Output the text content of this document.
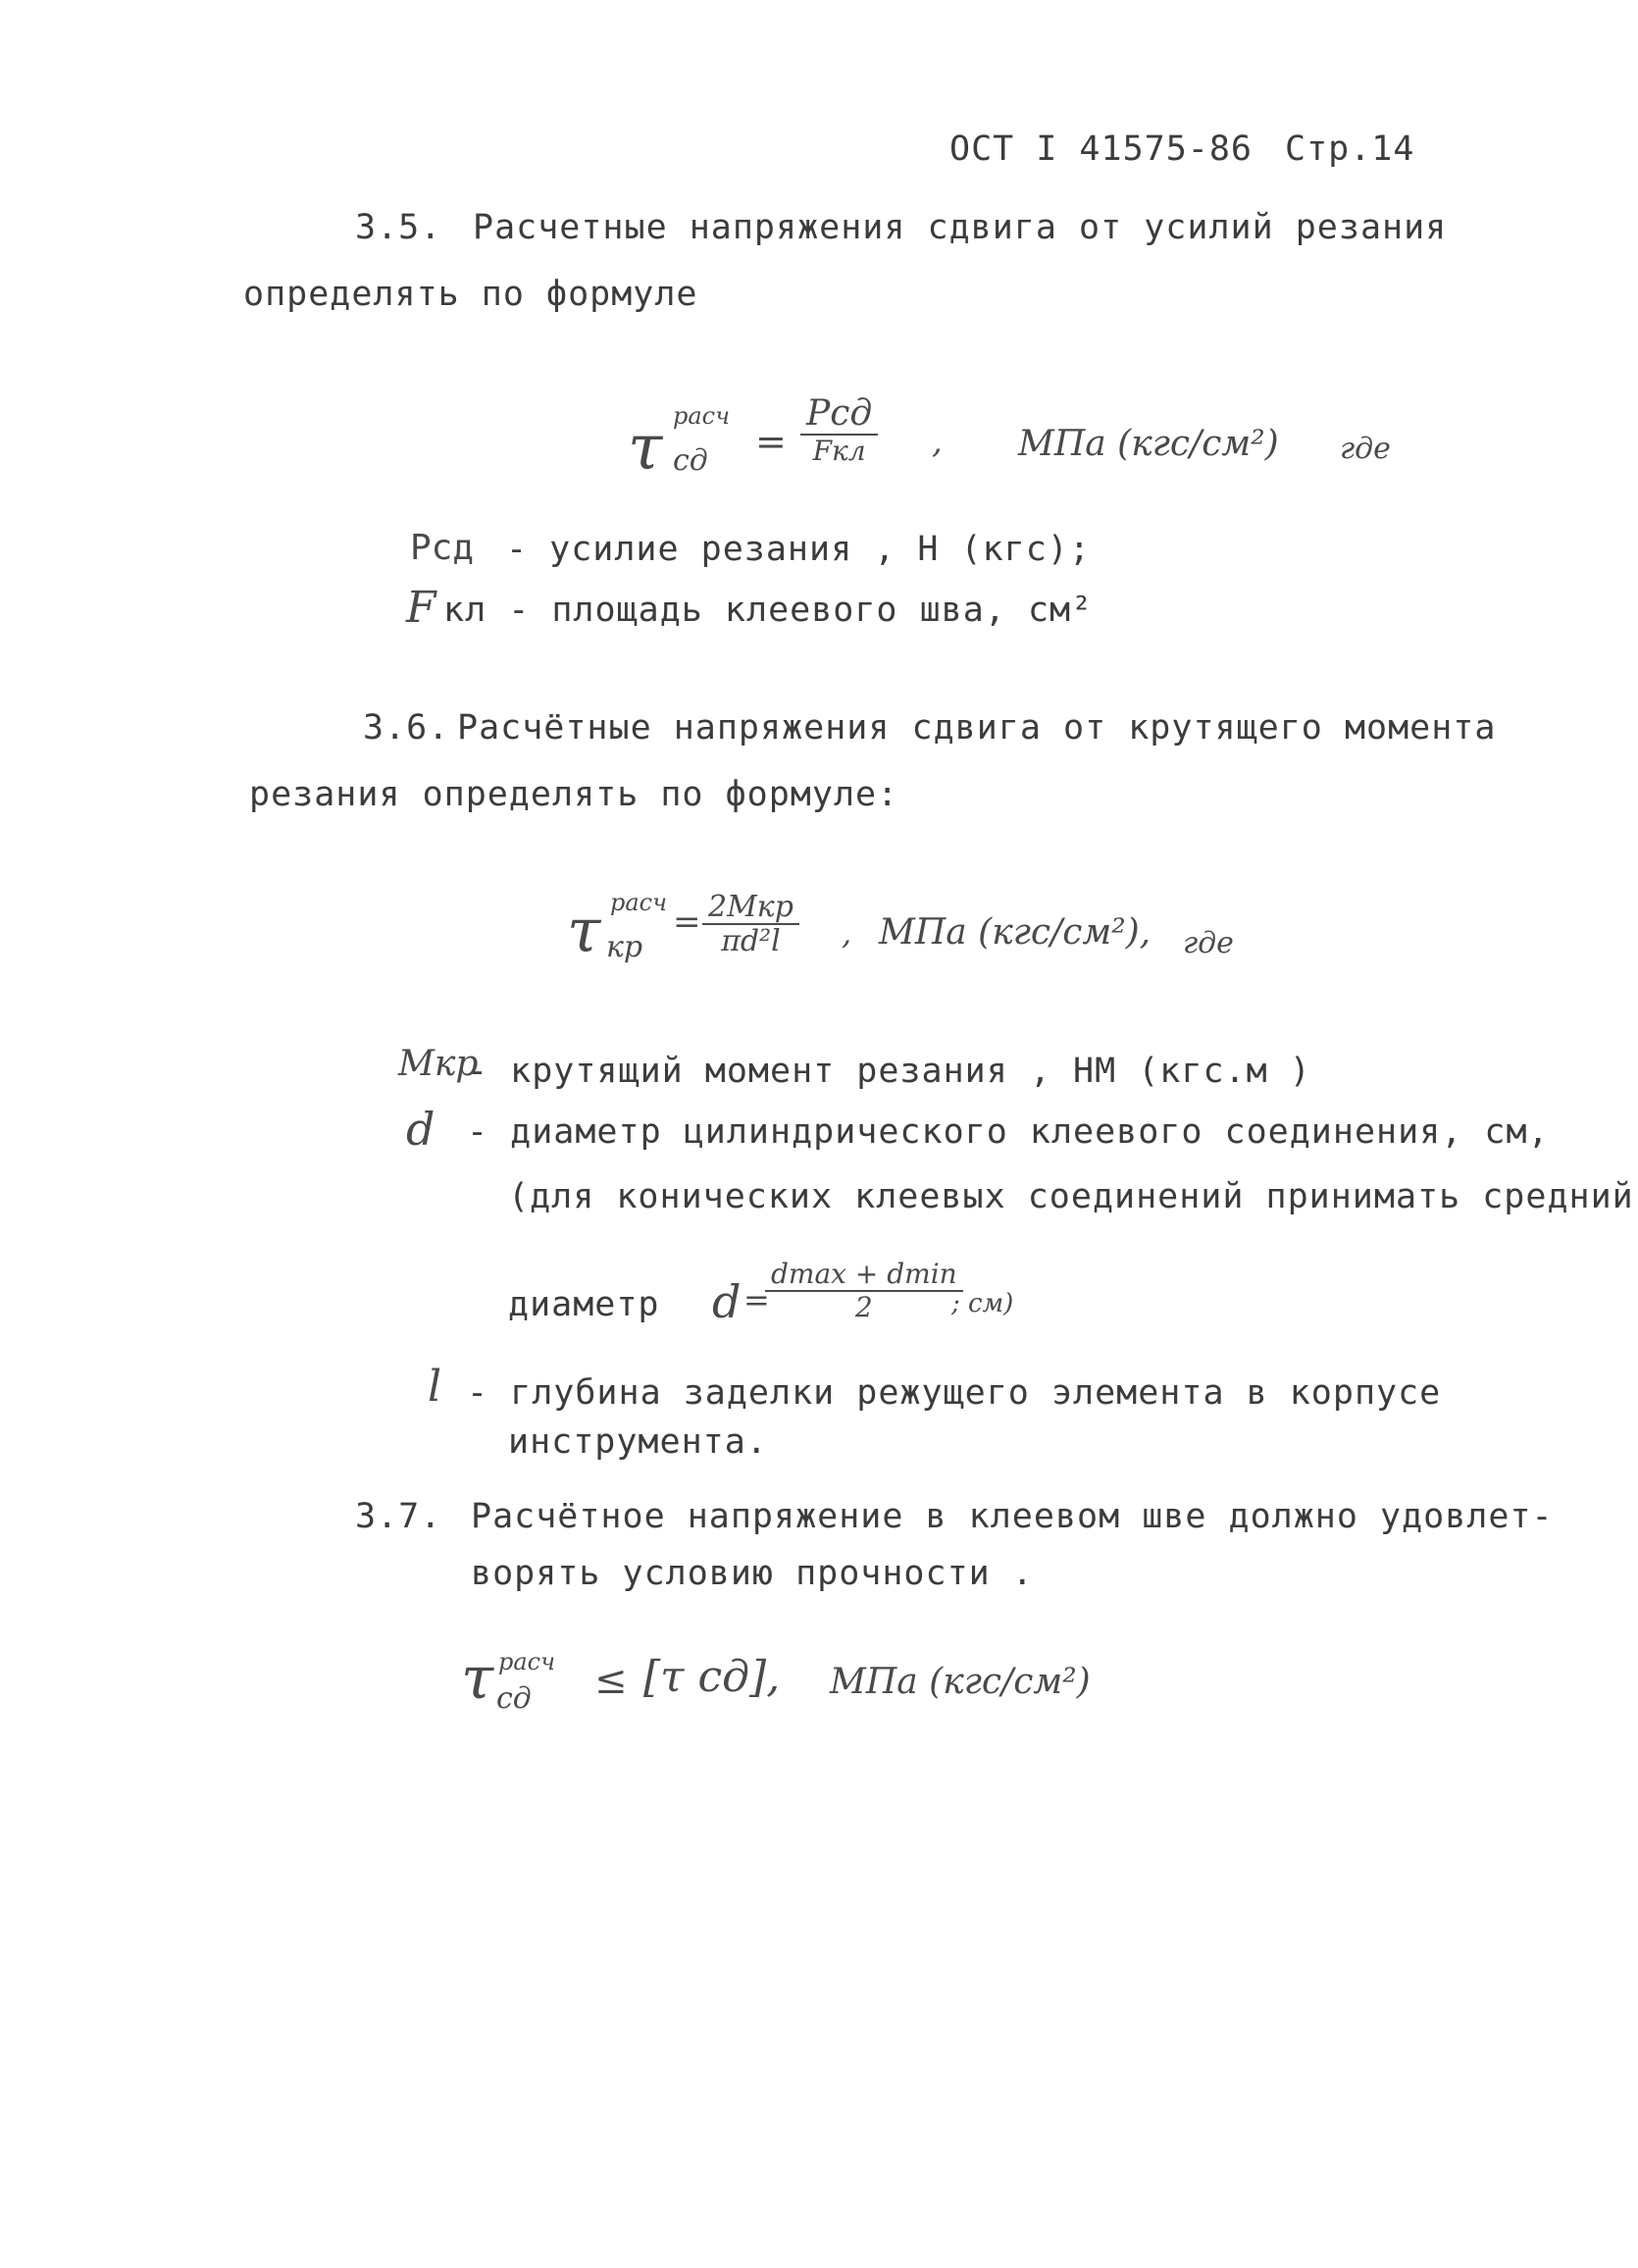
ОСТ I 41575-86 Стр.14
3.5. Расчетные напряжения сдвига от усилий резания
определять по формуле
τ расч
сд =
Pсд
Fкл	, МПа (кгс/см²) где
Pсд - усилие резания , Н (кгс);
F кл - площадь клеевого шва, см²
3.6. Расчётные напряжения сдвига от крутящего момента
резания определять по формуле:
τ расч
кр
= 2Mкр
πd²l	, МПа (кгс/см²), где
Mкр
- крутящий момент резания , НМ (кгс.м )
d - диаметр цилиндрического клеевого соединения, см,
(для конических клеевых соединений принимать средний
диаметр d =
dmax + dmin
2	; см)
l - глубина заделки режущего элемента в корпусе
инструмента.
3.7. Расчётное напряжение в клеевом шве должно удовлет-
ворять условию прочности .
τ расч
сд ≤ [τ сд], МПа (кгс/см²)
